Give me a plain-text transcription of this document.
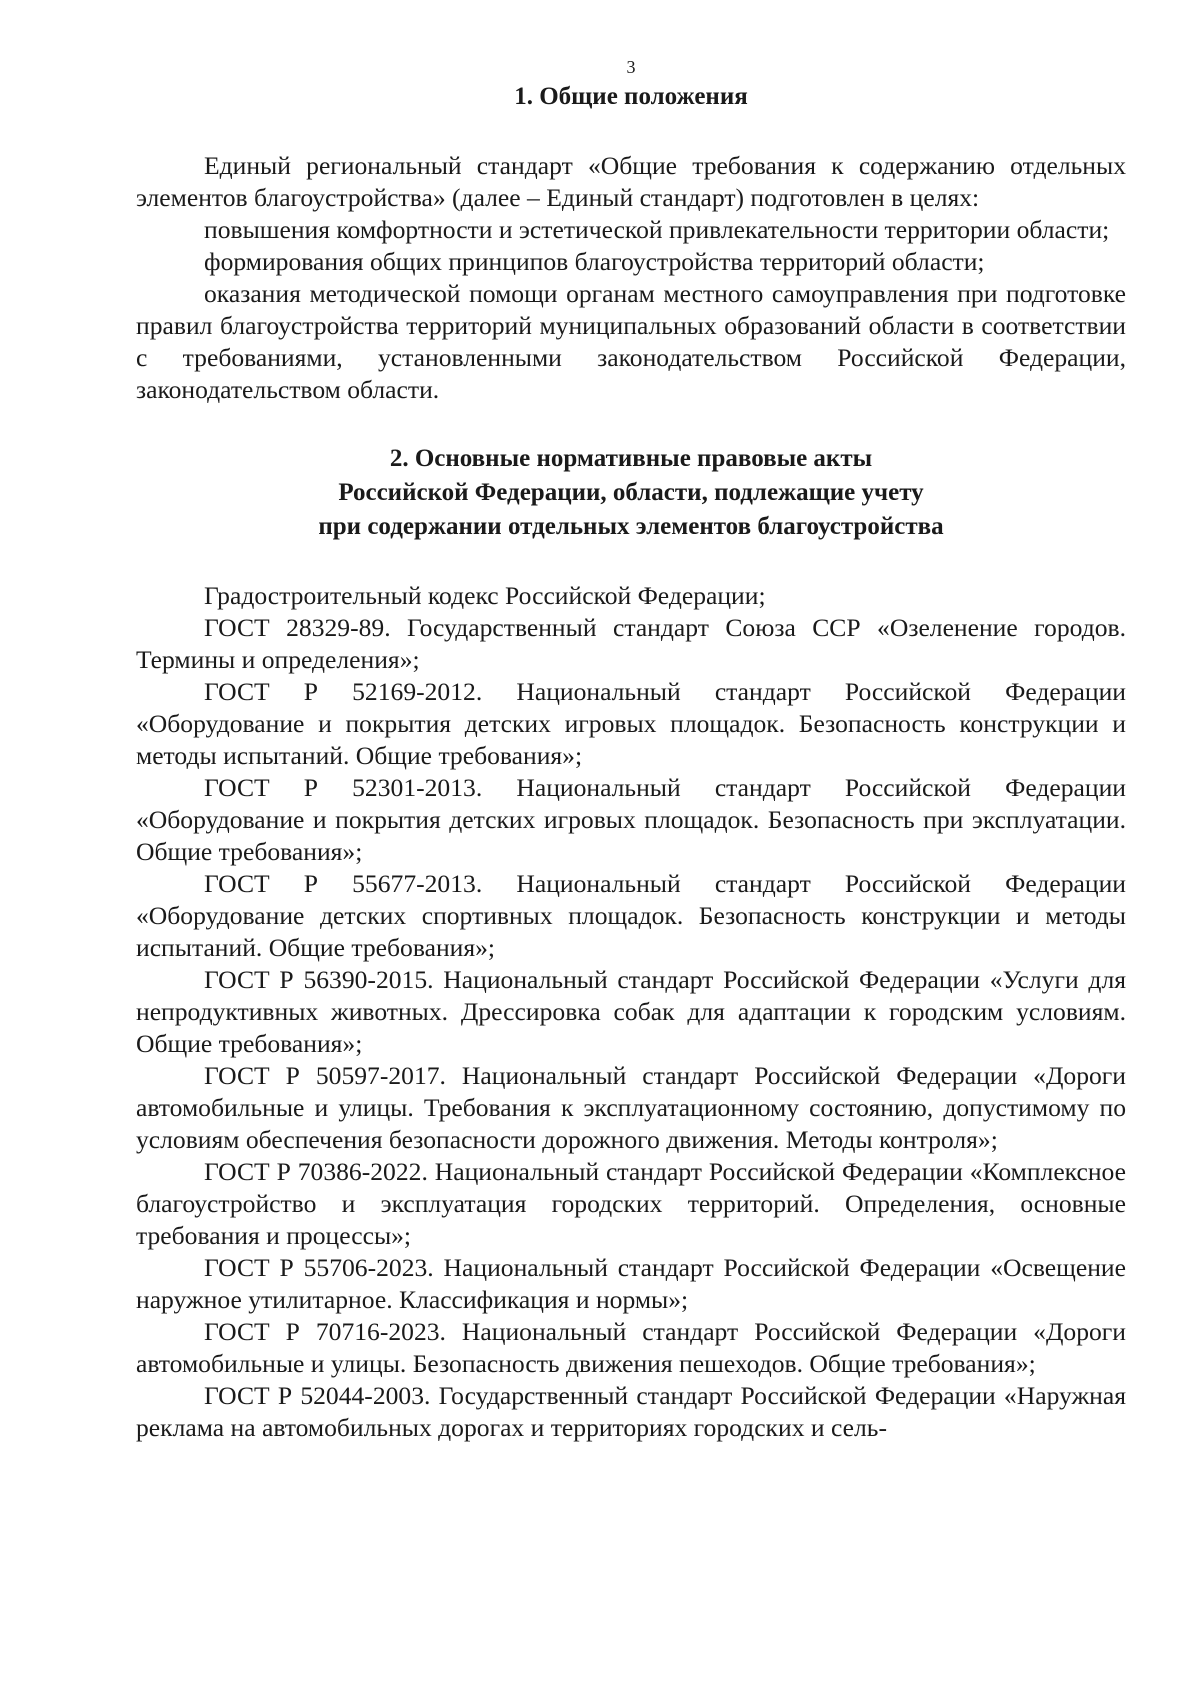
3
1. Общие положения

Единый региональный стандарт «Общие требования к содержанию отдельных элементов благоустройства» (далее – Единый стандарт) подготовлен в целях:

повышения комфортности и эстетической привлекательности территории области;

формирования общих принципов благоустройства территорий области;

оказания методической помощи органам местного самоуправления при подготовке правил благоустройства территорий муниципальных образований области в соответствии с требованиями, установленными законодательством Российской Федерации, законодательством области.

2. Основные нормативные правовые акты
Российской Федерации, области, подлежащие учету
при содержании отдельных элементов благоустройства

Градостроительный кодекс Российской Федерации;

ГОСТ 28329-89. Государственный стандарт Союза ССР «Озеленение городов. Термины и определения»;

ГОСТ Р 52169-2012. Национальный стандарт Российской Федерации «Оборудование и покрытия детских игровых площадок. Безопасность конструкции и методы испытаний. Общие требования»;

ГОСТ Р 52301-2013. Национальный стандарт Российской Федерации «Оборудование и покрытия детских игровых площадок. Безопасность при эксплуатации. Общие требования»;

ГОСТ Р 55677-2013. Национальный стандарт Российской Федерации «Оборудование детских спортивных площадок. Безопасность конструкции и методы испытаний. Общие требования»;

ГОСТ Р 56390-2015. Национальный стандарт Российской Федерации «Услуги для непродуктивных животных. Дрессировка собак для адаптации к городским условиям. Общие требования»;

ГОСТ Р 50597-2017. Национальный стандарт Российской Федерации «Дороги автомобильные и улицы. Требования к эксплуатационному состоянию, допустимому по условиям обеспечения безопасности дорожного движения. Методы контроля»;

ГОСТ Р 70386-2022. Национальный стандарт Российской Федерации «Комплексное благоустройство и эксплуатация городских территорий. Определения, основные требования и процессы»;

ГОСТ Р 55706-2023. Национальный стандарт Российской Федерации «Освещение наружное утилитарное. Классификация и нормы»;

ГОСТ Р 70716-2023. Национальный стандарт Российской Федерации «Дороги автомобильные и улицы. Безопасность движения пешеходов. Общие требования»;

ГОСТ Р 52044-2003. Государственный стандарт Российской Федерации «Наружная реклама на автомобильных дорогах и территориях городских и сель-
